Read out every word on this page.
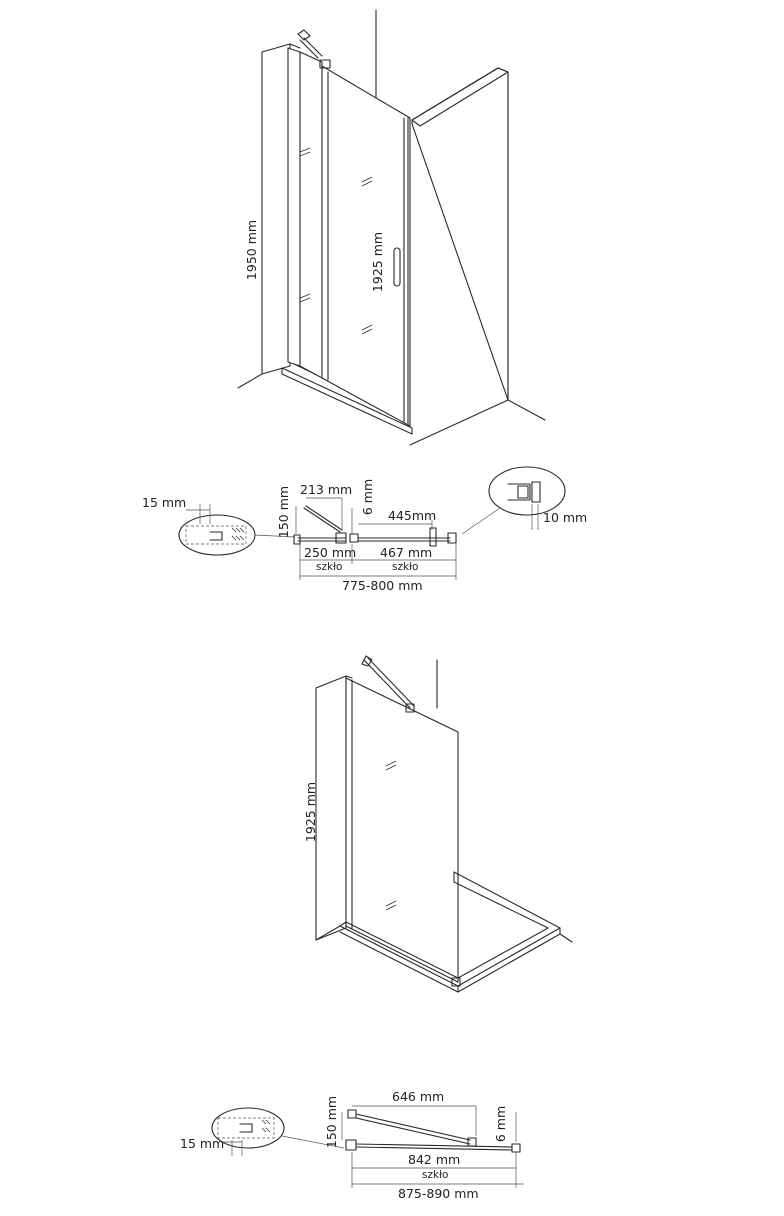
1950 mm	1925 mm
15 mm	150 mm 213 mm 6 mm
445mm
250 mm
szkło
467 mm
szkło
775-800 mm
10 mm
1925 mm
15 mm
646 mm
150 mm	6 mm
842 mm
szkło
875-890 mm
